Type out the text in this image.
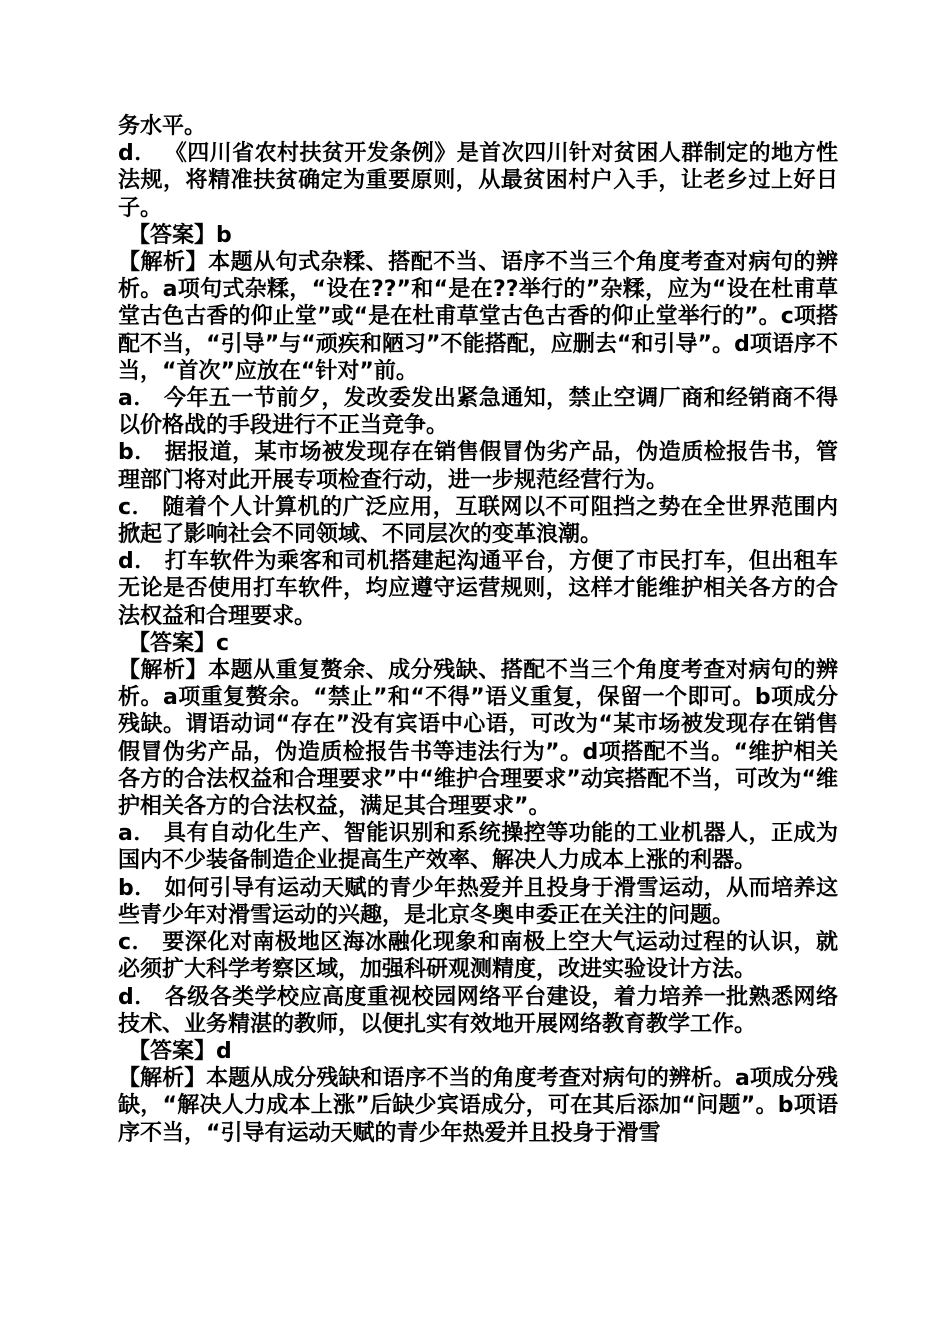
务水平。

d． 《四川省农村扶贫开发条例》是首次四川针对贫困人群制定的地方性法规，将精准扶贫确定为重要原则，从最贫困村户入手，让老乡过上好日子。

【答案】b

【解析】本题从句式杂糅、搭配不当、语序不当三个角度考查对病句的辨析。a项句式杂糅，“设在??”和“是在??举行的”杂糅，应为“设在杜甫草堂古色古香的仰止堂”或“是在杜甫草堂古色古香的仰止堂举行的”。c项搭配不当，“引导”与“顽疾和陋习”不能搭配，应删去“和引导”。d项语序不当，“首次”应放在“针对”前。

a． 今年五一节前夕，发改委发出紧急通知，禁止空调厂商和经销商不得以价格战的手段进行不正当竞争。

b． 据报道，某市场被发现存在销售假冒伪劣产品，伪造质检报告书，管理部门将对此开展专项检查行动，进一步规范经营行为。

c． 随着个人计算机的广泛应用，互联网以不可阻挡之势在全世界范围内掀起了影响社会不同领域、不同层次的变革浪潮。

d． 打车软件为乘客和司机搭建起沟通平台，方便了市民打车，但出租车无论是否使用打车软件，均应遵守运营规则，这样才能维护相关各方的合法权益和合理要求。

【答案】c

【解析】本题从重复赘余、成分残缺、搭配不当三个角度考查对病句的辨析。a项重复赘余。“禁止”和“不得”语义重复，保留一个即可。b项成分残缺。谓语动词“存在”没有宾语中心语，可改为“某市场被发现存在销售假冒伪劣产品，伪造质检报告书等违法行为”。d项搭配不当。“维护相关各方的合法权益和合理要求”中“维护合理要求”动宾搭配不当，可改为“维护相关各方的合法权益，满足其合理要求”。

a． 具有自动化生产、智能识别和系统操控等功能的工业机器人，正成为国内不少装备制造企业提高生产效率、解决人力成本上涨的利器。

b． 如何引导有运动天赋的青少年热爱并且投身于滑雪运动，从而培养这些青少年对滑雪运动的兴趣，是北京冬奥申委正在关注的问题。

c． 要深化对南极地区海冰融化现象和南极上空大气运动过程的认识，就必须扩大科学考察区域，加强科研观测精度，改进实验设计方法。

d． 各级各类学校应高度重视校园网络平台建设，着力培养一批熟悉网络技术、业务精湛的教师，以便扎实有效地开展网络教育教学工作。

【答案】d

【解析】本题从成分残缺和语序不当的角度考查对病句的辨析。a项成分残缺，“解决人力成本上涨”后缺少宾语成分，可在其后添加“问题”。b项语序不当，“引导有运动天赋的青少年热爱并且投身于滑雪
